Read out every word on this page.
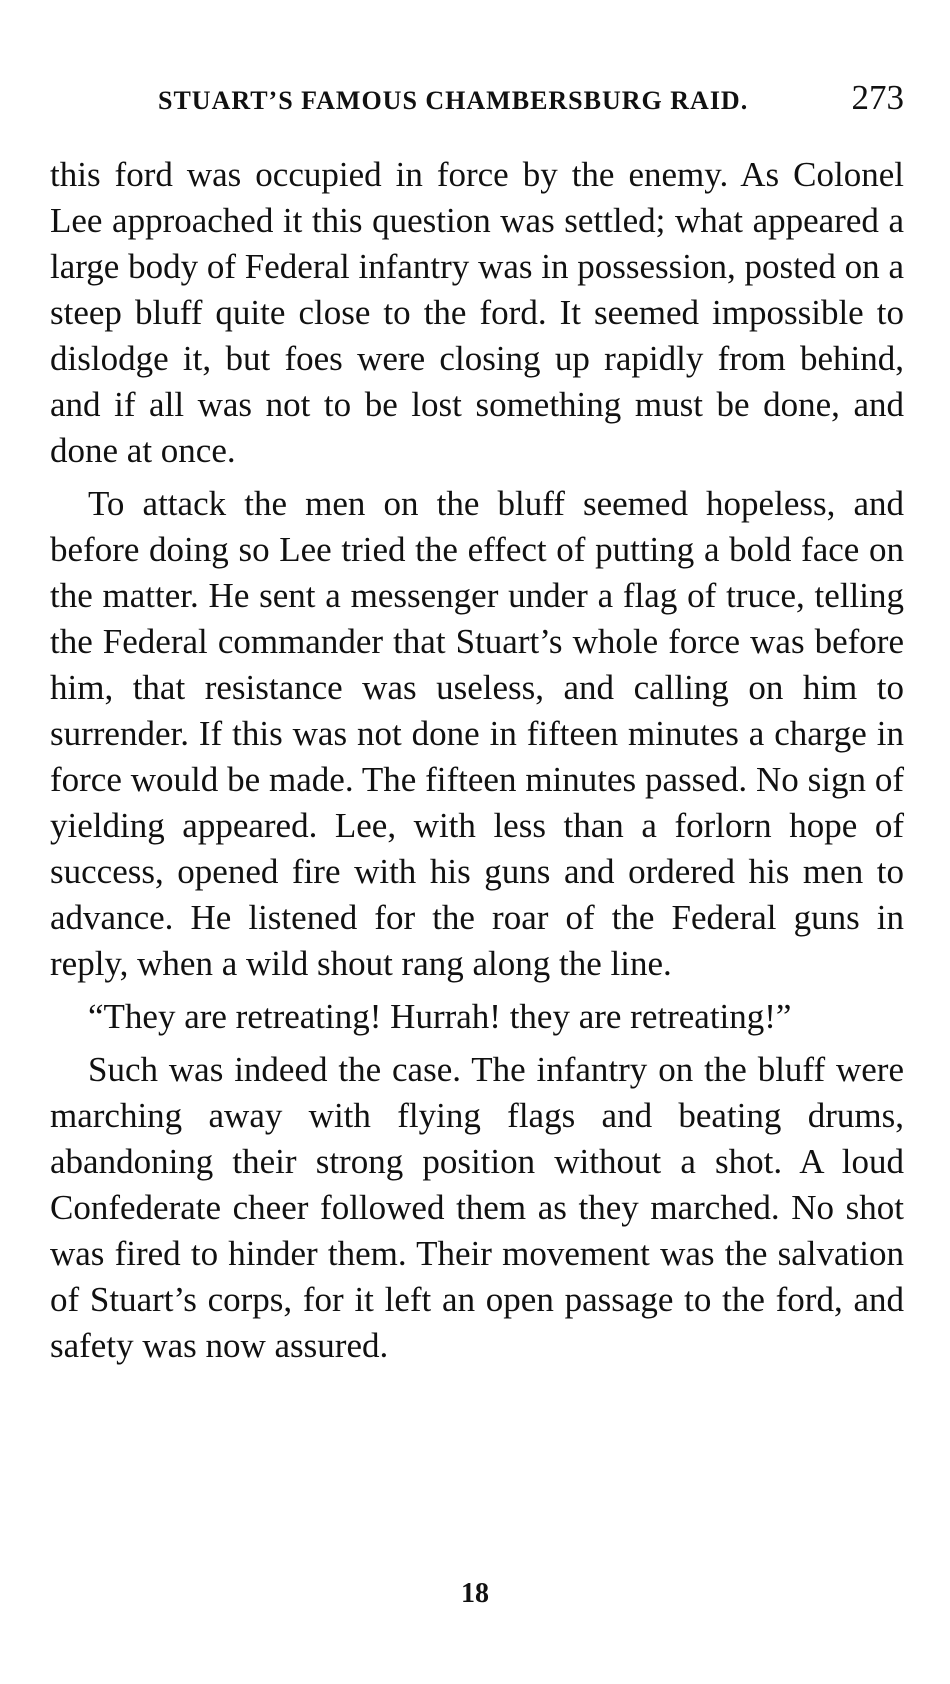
STUART’S FAMOUS CHAMBERSBURG RAID.	273

this ford was occupied in force by the enemy. As Colonel Lee approached it this question was settled; what appeared a large body of Federal infantry was in possession, posted on a steep bluff quite close to the ford. It seemed impossible to dislodge it, but foes were closing up rapidly from behind, and if all was not to be lost something must be done, and done at once.

To attack the men on the bluff seemed hopeless, and before doing so Lee tried the effect of putting a bold face on the matter. He sent a messenger under a flag of truce, telling the Federal commander that Stuart’s whole force was before him, that resistance was useless, and calling on him to surrender. If this was not done in fifteen minutes a charge in force would be made. The fifteen minutes passed. No sign of yielding appeared. Lee, with less than a forlorn hope of success, opened fire with his guns and ordered his men to advance. He listened for the roar of the Federal guns in reply, when a wild shout rang along the line.

“They are retreating! Hurrah! they are retreating!”

Such was indeed the case. The infantry on the bluff were marching away with flying flags and beating drums, abandoning their strong position without a shot. A loud Confederate cheer followed them as they marched. No shot was fired to hinder them. Their movement was the salvation of Stuart’s corps, for it left an open passage to the ford, and safety was now assured.

18
